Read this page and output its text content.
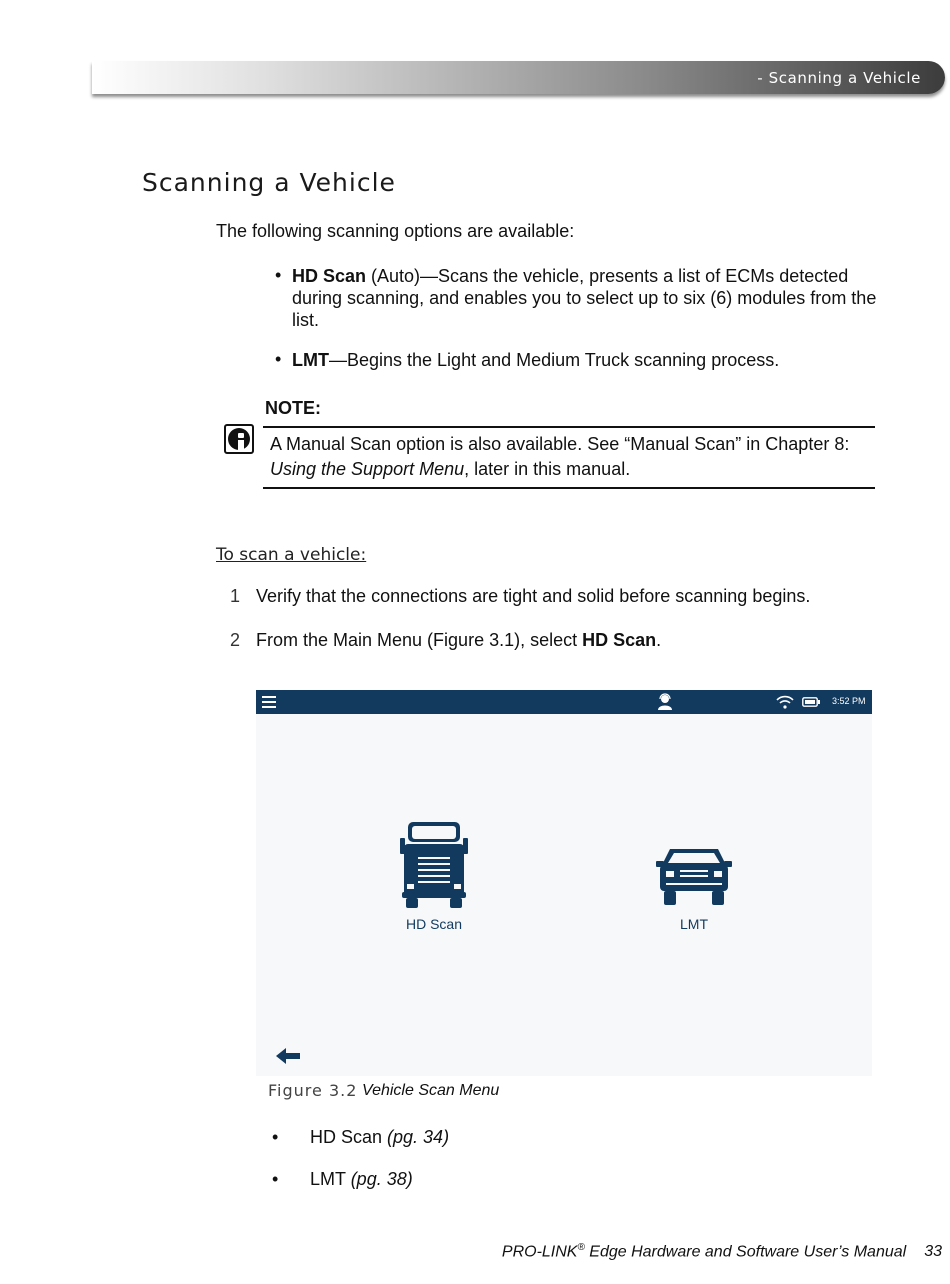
- Scanning a Vehicle
Scanning a Vehicle
The following scanning options are available:
• HD Scan (Auto)—Scans the vehicle, presents a list of ECMs detected during scanning, and enables you to select up to six (6) modules from the list.
• LMT—Begins the Light and Medium Truck scanning process.
NOTE:
A Manual Scan option is also available. See “Manual Scan” in Chapter 8: Using the Support Menu, later in this manual.
To scan a vehicle:
1 Verify that the connections are tight and solid before scanning begins.
2 From the Main Menu (Figure 3.1), select HD Scan.
3:52 PM
HD Scan	LMT
Figure 3.2 Vehicle Scan Menu
• HD Scan (pg. 34)
• LMT (pg. 38)
PRO-LINK® Edge Hardware and Software User’s Manual 33
